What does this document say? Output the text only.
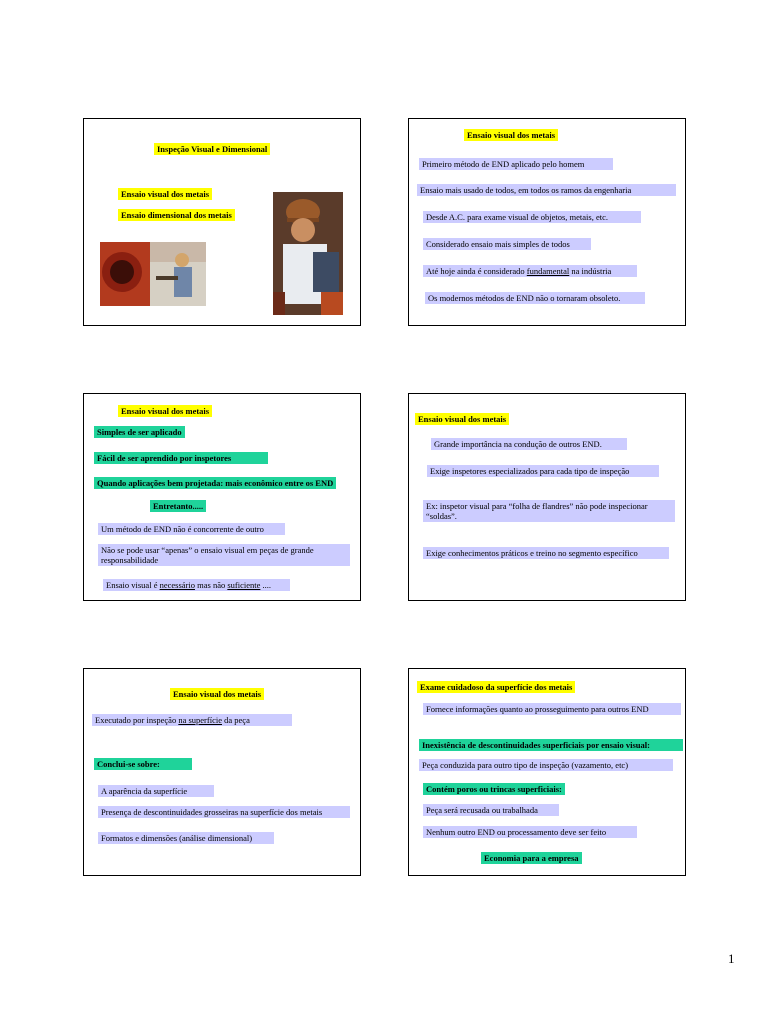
Inspeção Visual e Dimensional
Ensaio visual dos metais
Ensaio dimensional dos metais
Ensaio visual dos metais
Primeiro método de END aplicado pelo homem
Ensaio mais usado de todos, em todos os ramos da engenharia
Desde A.C. para exame visual de objetos, metais, etc.
Considerado ensaio mais simples de todos
Até hoje ainda é considerado fundamental na indústria
Os modernos métodos de END não o tornaram obsoleto.
Ensaio visual dos metais
Simples de ser aplicado
Fácil de ser aprendido por inspetores
Quando aplicações bem projetada: mais econômico entre os END
Entretanto.....
Um método de END não é concorrente de outro
Não se pode usar “apenas” o ensaio visual em peças de grande responsabilidade
Ensaio visual é necessário mas não suficiente ....
Ensaio visual dos metais
Grande importância na condução de outros END.
Exige inspetores especializados para cada tipo de inspeção
Ex: inspetor visual para “folha de flandres” não pode inspecionar “soldas”.
Exige conhecimentos práticos e treino no segmento específico
Ensaio visual dos metais
Executado por inspeção na superfície da peça
Conclui-se sobre:
A aparência da superfície
Presença de descontinuidades grosseiras na superfície dos metais
Formatos e dimensões (análise dimensional)
Exame cuidadoso da superfície dos metais
Fornece informações quanto ao prosseguimento para outros END
Inexistência de descontinuidades superficiais por ensaio visual:
Peça conduzida para outro tipo de inspeção (vazamento, etc)
Contém poros ou trincas superficiais:
Peça será recusada ou trabalhada
Nenhum outro END ou processamento deve ser feito
Economia para a empresa
1
